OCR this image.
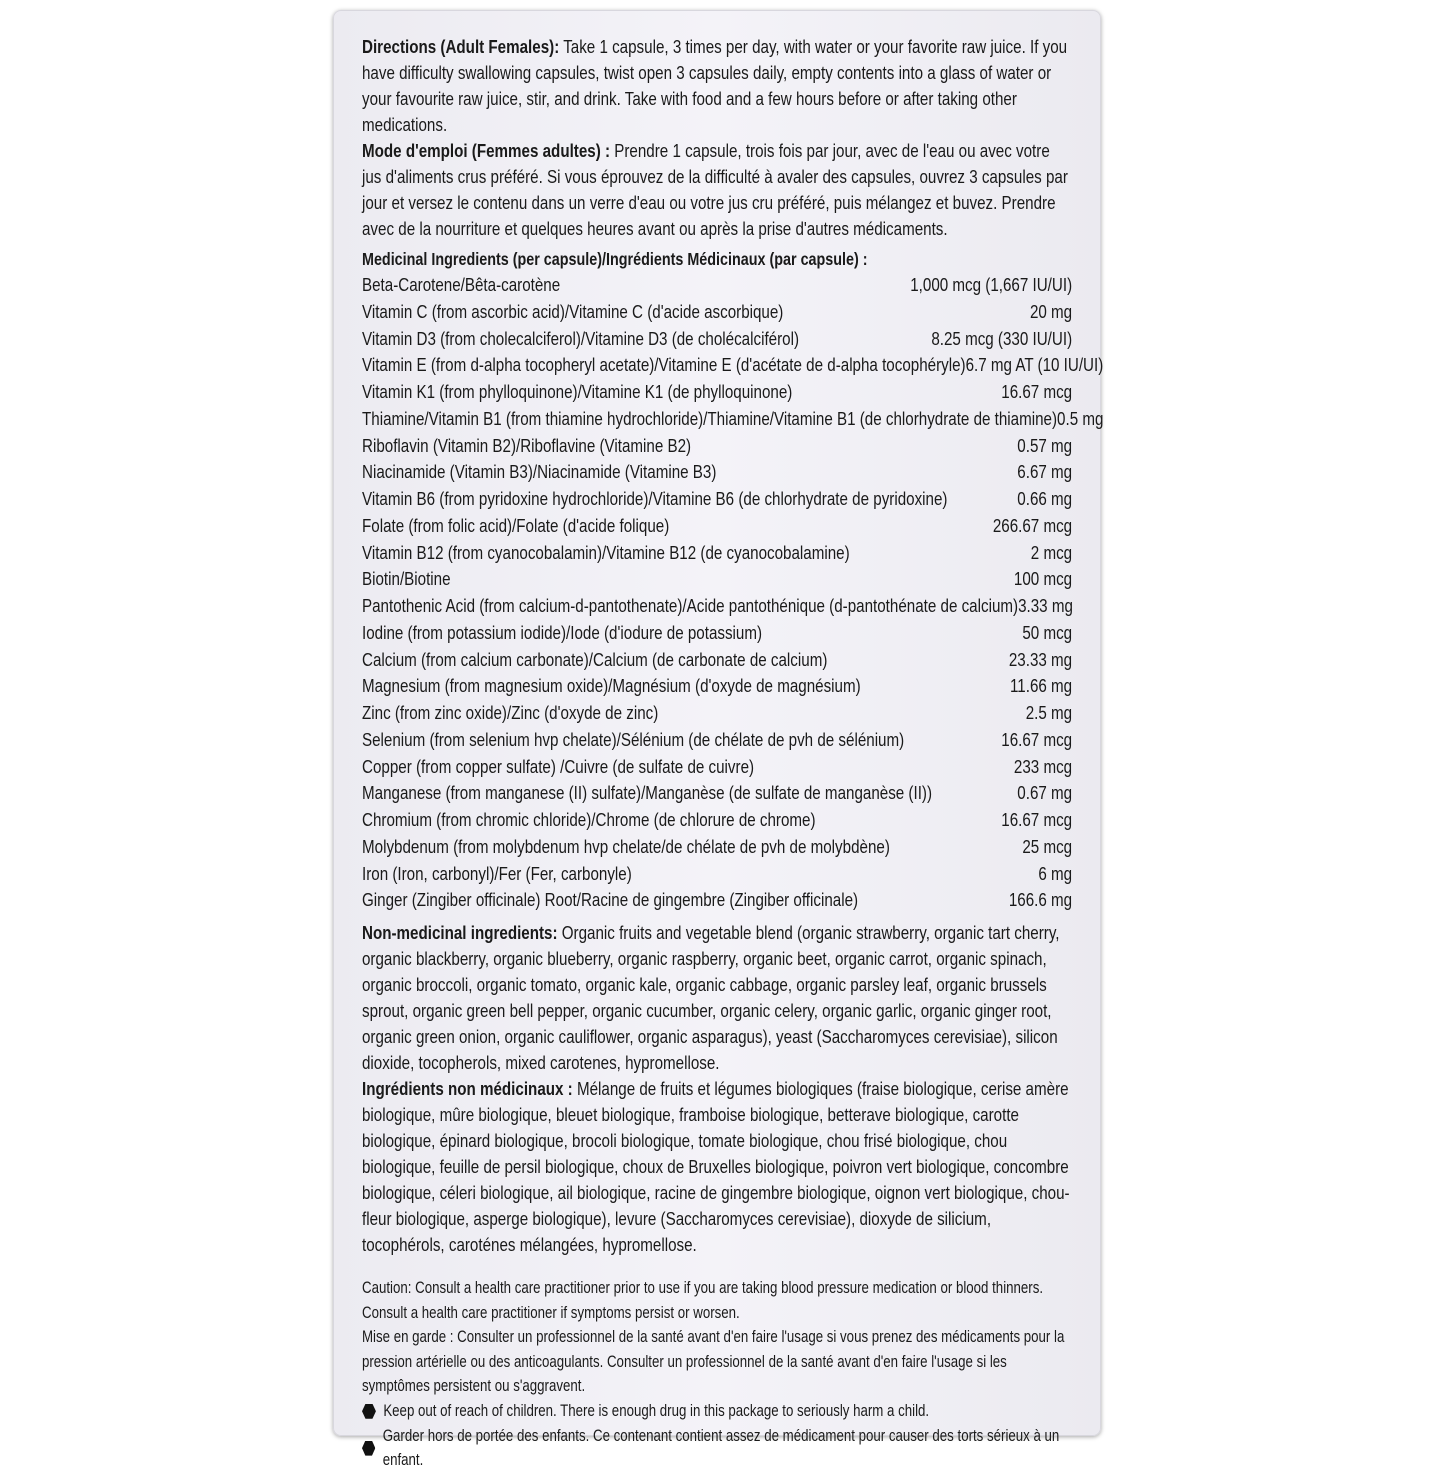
Directions (Adult Females): Take 1 capsule, 3 times per day, with water or your favorite raw juice. If you have difficulty swallowing capsules, twist open 3 capsules daily, empty contents into a glass of water or your favourite raw juice, stir, and drink. Take with food and a few hours before or after taking other medications.

Mode d'emploi (Femmes adultes) : Prendre 1 capsule, trois fois par jour, avec de l'eau ou avec votre jus d'aliments crus préféré. Si vous éprouvez de la difficulté à avaler des capsules, ouvrez 3 capsules par jour et versez le contenu dans un verre d'eau ou votre jus cru préféré, puis mélangez et buvez. Prendre avec de la nourriture et quelques heures avant ou après la prise d'autres médicaments.

Medicinal Ingredients (per capsule)/Ingrédients Médicinaux (par capsule) :

Beta-Carotene/Bêta-carotène	1,000 mcg (1,667 IU/UI)
Vitamin C (from ascorbic acid)/Vitamine C (d'acide ascorbique)	20 mg
Vitamin D3 (from cholecalciferol)/Vitamine D3 (de cholécalciférol)	8.25 mcg (330 IU/UI)
Vitamin E (from d-alpha tocopheryl acetate)/Vitamine E (d'acétate de d-alpha tocophéryle) 6.7 mg AT (10 IU/UI)
Vitamin K1 (from phylloquinone)/Vitamine K1 (de phylloquinone)	16.67 mcg
Thiamine/Vitamin B1 (from thiamine hydrochloride)/Thiamine/Vitamine B1 (de chlorhydrate de thiamine) 0.5 mg
Riboflavin (Vitamin B2)/Riboflavine (Vitamine B2)	0.57 mg
Niacinamide (Vitamin B3)/Niacinamide (Vitamine B3)	6.67 mg
Vitamin B6 (from pyridoxine hydrochloride)/Vitamine B6 (de chlorhydrate de pyridoxine)	0.66 mg
Folate (from folic acid)/Folate (d'acide folique)	266.67 mcg
Vitamin B12 (from cyanocobalamin)/Vitamine B12 (de cyanocobalamine)	2 mcg
Biotin/Biotine	100 mcg
Pantothenic Acid (from calcium-d-pantothenate)/Acide pantothénique (d-pantothénate de calcium) 3.33 mg
Iodine (from potassium iodide)/Iode (d'iodure de potassium)	50 mcg
Calcium (from calcium carbonate)/Calcium (de carbonate de calcium)	23.33 mg
Magnesium (from magnesium oxide)/Magnésium (d'oxyde de magnésium)	11.66 mg
Zinc (from zinc oxide)/Zinc (d'oxyde de zinc)	2.5 mg
Selenium (from selenium hvp chelate)/Sélénium (de chélate de pvh de sélénium)	16.67 mcg
Copper (from copper sulfate) /Cuivre (de sulfate de cuivre)	233 mcg
Manganese (from manganese (II) sulfate)/Manganèse (de sulfate de manganèse (II))	0.67 mg
Chromium (from chromic chloride)/Chrome (de chlorure de chrome)	16.67 mcg
Molybdenum (from molybdenum hvp chelate/de chélate de pvh de molybdène)	25 mcg
Iron (Iron, carbonyl)/Fer (Fer, carbonyle)	6 mg
Ginger (Zingiber officinale) Root/Racine de gingembre (Zingiber officinale)	166.6 mg

Non-medicinal ingredients: Organic fruits and vegetable blend (organic strawberry, organic tart cherry, organic blackberry, organic blueberry, organic raspberry, organic beet, organic carrot, organic spinach, organic broccoli, organic tomato, organic kale, organic cabbage, organic parsley leaf, organic brussels sprout, organic green bell pepper, organic cucumber, organic celery, organic garlic, organic ginger root, organic green onion, organic cauliflower, organic asparagus), yeast (Saccharomyces cerevisiae), silicon dioxide, tocopherols, mixed carotenes, hypromellose.

Ingrédients non médicinaux : Mélange de fruits et légumes biologiques (fraise biologique, cerise amère biologique, mûre biologique, bleuet biologique, framboise biologique, betterave biologique, carotte biologique, épinard biologique, brocoli biologique, tomate biologique, chou frisé biologique, chou biologique, feuille de persil biologique, choux de Bruxelles biologique, poivron vert biologique, concombre biologique, céleri biologique, ail biologique, racine de gingembre biologique, oignon vert biologique, chou-fleur biologique, asperge biologique), levure (Saccharomyces cerevisiae), dioxyde de silicium, tocophérols, caroténes mélangées, hypromellose.

Caution: Consult a health care practitioner prior to use if you are taking blood pressure medication or blood thinners.

Consult a health care practitioner if symptoms persist or worsen.

Mise en garde : Consulter un professionnel de la santé avant d'en faire l'usage si vous prenez des médicaments pour la pression artérielle ou des anticoagulants. Consulter un professionnel de la santé avant d'en faire l'usage si les symptômes persistent ou s'aggravent.

Keep out of reach of children. There is enough drug in this package to seriously harm a child.
Garder hors de portée des enfants. Ce contenant contient assez de médicament pour causer des torts sérieux à un enfant.
